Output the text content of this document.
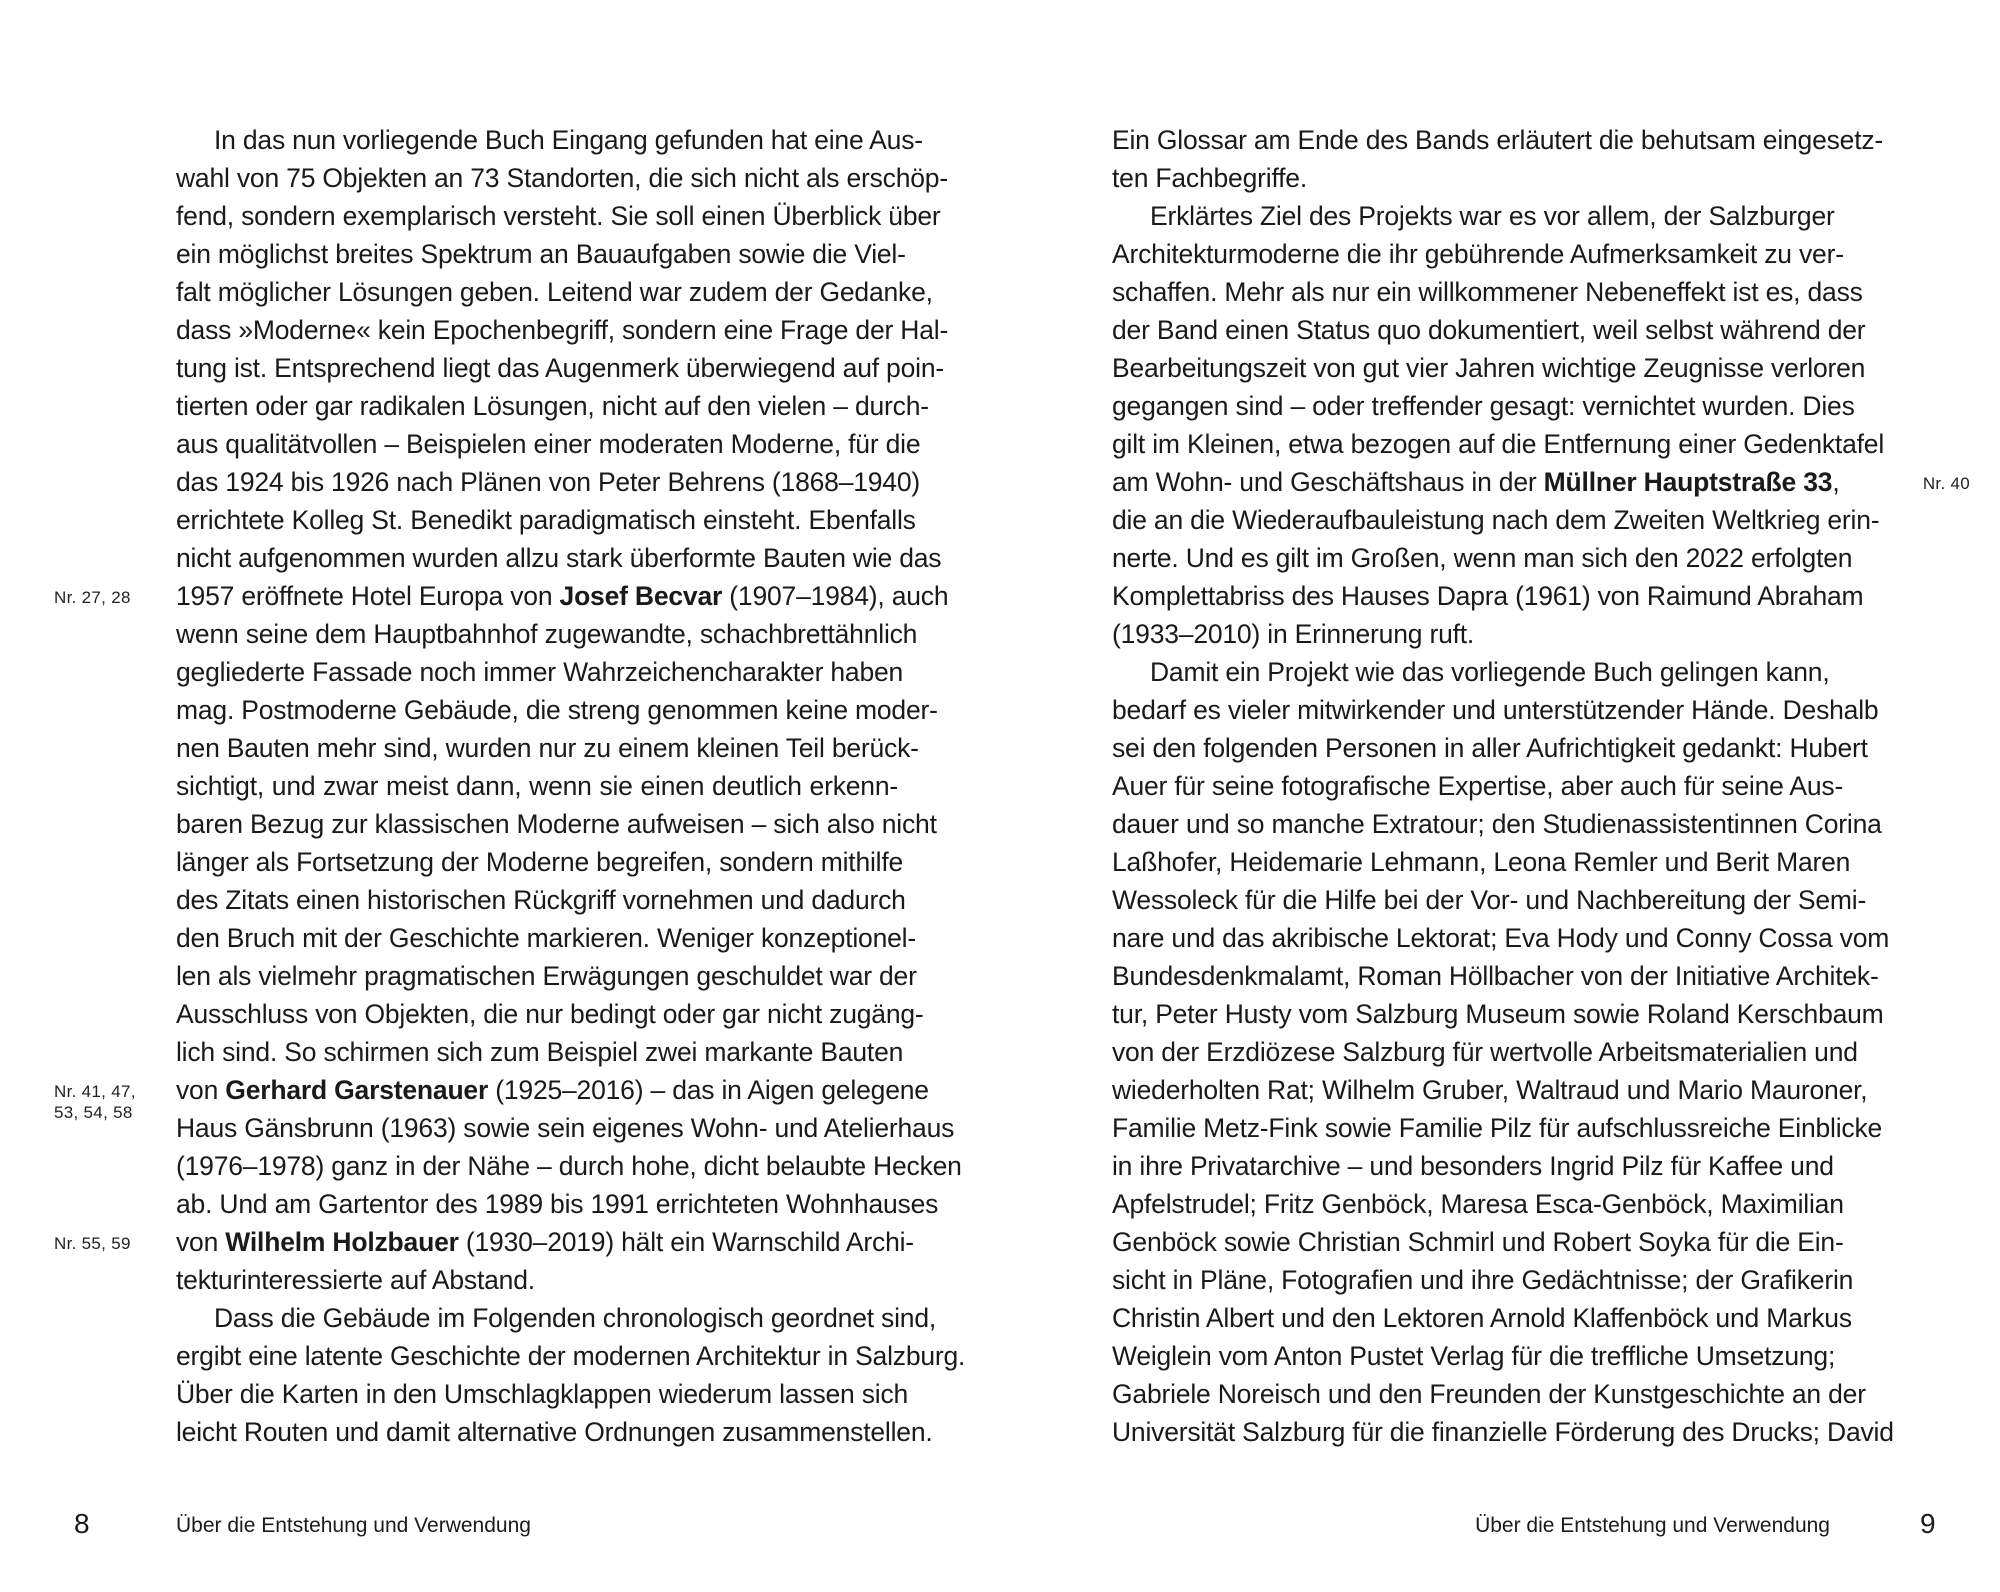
In das nun vorliegende Buch Eingang gefunden hat eine Aus-
wahl von 75 Objekten an 73 Standorten, die sich nicht als erschöp-
fend, sondern exemplarisch versteht. Sie soll einen Überblick über
ein möglichst breites Spektrum an Bauaufgaben sowie die Viel-
falt möglicher Lösungen geben. Leitend war zudem der Gedanke,
dass »Moderne« kein Epochenbegriff, sondern eine Frage der Hal-
tung ist. Entsprechend liegt das Augenmerk überwiegend auf poin-
tierten oder gar radikalen Lösungen, nicht auf den vielen – durch-
aus qualitätvollen – Beispielen einer moderaten Moderne, für die
das 1924 bis 1926 nach Plänen von Peter Behrens (1868–1940)
errichtete Kolleg St. Benedikt paradigmatisch einsteht. Ebenfalls
nicht aufgenommen wurden allzu stark überformte Bauten wie das
1957 eröffnete Hotel Europa von Josef Becvar (1907–1984), auch
wenn seine dem Hauptbahnhof zugewandte, schachbrettähnlich
gegliederte Fassade noch immer Wahrzeichencharakter haben
mag. Postmoderne Gebäude, die streng genommen keine moder-
nen Bauten mehr sind, wurden nur zu einem kleinen Teil berück-
sichtigt, und zwar meist dann, wenn sie einen deutlich erkenn-
baren Bezug zur klassischen Moderne aufweisen – sich also nicht
länger als Fortsetzung der Moderne begreifen, sondern mithilfe
des Zitats einen historischen Rückgriff vornehmen und dadurch
den Bruch mit der Geschichte markieren. Weniger konzeptionel-
len als vielmehr pragmatischen Erwägungen geschuldet war der
Ausschluss von Objekten, die nur bedingt oder gar nicht zugäng-
lich sind. So schirmen sich zum Beispiel zwei markante Bauten
von Gerhard Garstenauer (1925–2016) – das in Aigen gelegene
Haus Gänsbrunn (1963) sowie sein eigenes Wohn- und Atelierhaus
(1976–1978) ganz in der Nähe – durch hohe, dicht belaubte Hecken
ab. Und am Gartentor des 1989 bis 1991 errichteten Wohnhauses
von Wilhelm Holzbauer (1930–2019) hält ein Warnschild Archi-
tekturinteressierte auf Abstand.
Dass die Gebäude im Folgenden chronologisch geordnet sind,
ergibt eine latente Geschichte der modernen Architektur in Salzburg.
Über die Karten in den Umschlagklappen wiederum lassen sich
leicht Routen und damit alternative Ordnungen zusammenstellen.
Nr. 27, 28
Nr. 41, 47,
53, 54, 58
Nr. 55, 59
8	Über die Entstehung und Verwendung
Ein Glossar am Ende des Bands erläutert die behutsam eingesetz-
ten Fachbegriffe.
Erklärtes Ziel des Projekts war es vor allem, der Salzburger
Architekturmoderne die ihr gebührende Aufmerksamkeit zu ver-
schaffen. Mehr als nur ein willkommener Nebeneffekt ist es, dass
der Band einen Status quo dokumentiert, weil selbst während der
Bearbeitungszeit von gut vier Jahren wichtige Zeugnisse verloren
gegangen sind – oder treffender gesagt: vernichtet wurden. Dies
gilt im Kleinen, etwa bezogen auf die Entfernung einer Gedenktafel
am Wohn- und Geschäftshaus in der Müllner Hauptstraße 33,
die an die Wiederaufbauleistung nach dem Zweiten Weltkrieg erin-
nerte. Und es gilt im Großen, wenn man sich den 2022 erfolgten
Komplettabriss des Hauses Dapra (1961) von Raimund Abraham
(1933–2010) in Erinnerung ruft.
Damit ein Projekt wie das vorliegende Buch gelingen kann,
bedarf es vieler mitwirkender und unterstützender Hände. Deshalb
sei den folgenden Personen in aller Aufrichtigkeit gedankt: Hubert
Auer für seine fotografische Expertise, aber auch für seine Aus-
dauer und so manche Extratour; den Studienassistentinnen Corina
Laßhofer, Heidemarie Lehmann, Leona Remler und Berit Maren
Wessoleck für die Hilfe bei der Vor- und Nachbereitung der Semi-
nare und das akribische Lektorat; Eva Hody und Conny Cossa vom
Bundesdenkmalamt, Roman Höllbacher von der Initiative Architek-
tur, Peter Husty vom Salzburg Museum sowie Roland Kerschbaum
von der Erzdiözese Salzburg für wertvolle Arbeitsmaterialien und
wiederholten Rat; Wilhelm Gruber, Waltraud und Mario Mauroner,
Familie Metz-Fink sowie Familie Pilz für aufschlussreiche Einblicke
in ihre Privatarchive – und besonders Ingrid Pilz für Kaffee und
Apfelstrudel; Fritz Genböck, Maresa Esca-Genböck, Maximilian
Genböck sowie Christian Schmirl und Robert Soyka für die Ein-
sicht in Pläne, Fotografien und ihre Gedächtnisse; der Grafikerin
Christin Albert und den Lektoren Arnold Klaffenböck und Markus
Weiglein vom Anton Pustet Verlag für die treffliche Umsetzung;
Gabriele Noreisch und den Freunden der Kunstgeschichte an der
Universität Salzburg für die finanzielle Förderung des Drucks; David
Nr. 40
Über die Entstehung und Verwendung	9
